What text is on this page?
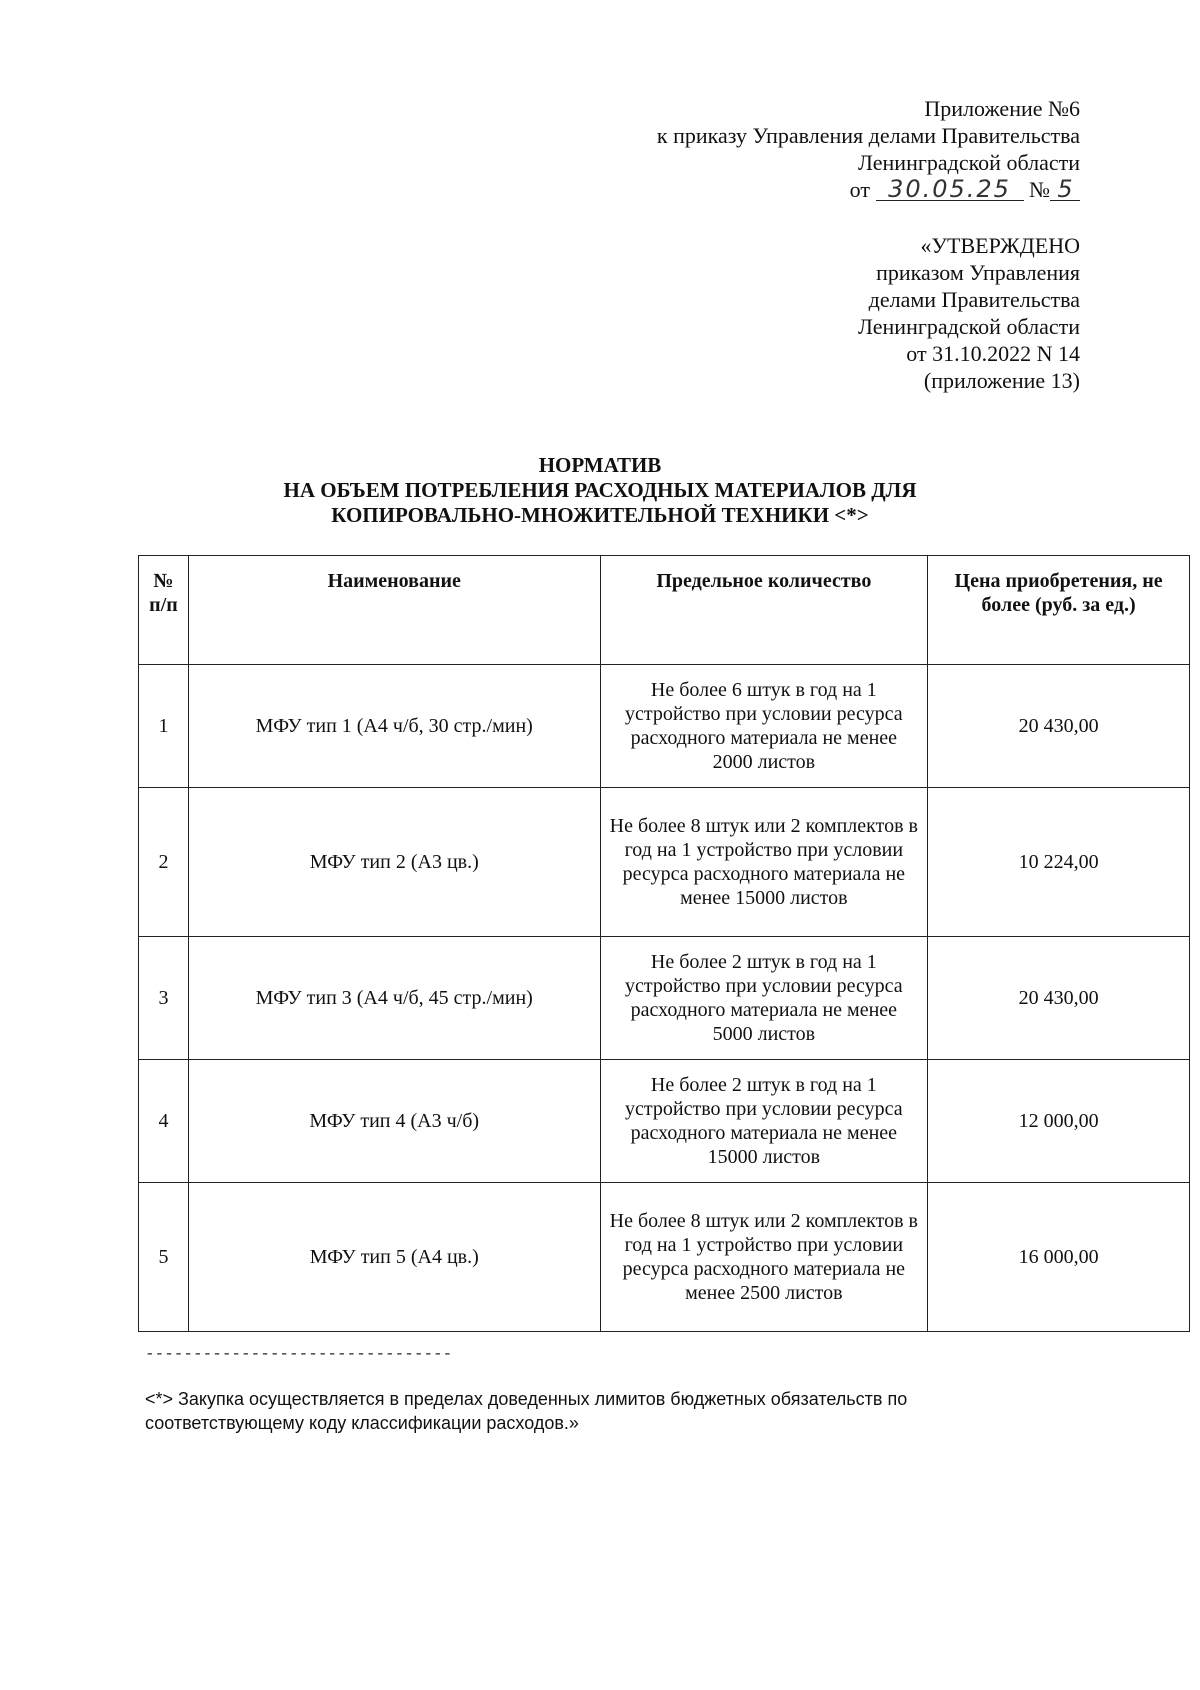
Приложение №6
к приказу Управления делами Правительства
Ленинградской области
от 30.05.25 № 5
«УТВЕРЖДЕНО
приказом Управления
делами Правительства
Ленинградской области
от 31.10.2022 N 14
(приложение 13)
НОРМАТИВ
НА ОБЪЕМ ПОТРЕБЛЕНИЯ РАСХОДНЫХ МАТЕРИАЛОВ ДЛЯ
КОПИРОВАЛЬНО-МНОЖИТЕЛЬНОЙ ТЕХНИКИ <*>
№ п/п	Наименование	Предельное количество	Цена приобретения, не более (руб. за ед.)
1	МФУ тип 1 (А4 ч/б, 30 стр./мин)	Не более 6 штук в год на 1 устройство при условии ресурса расходного материала не менее 2000 листов	20 430,00
2	МФУ тип 2 (А3 цв.)	Не более 8 штук или 2 комплектов в год на 1 устройство при условии ресурса расходного материала не менее 15000 листов	10 224,00
3	МФУ тип 3 (А4 ч/б, 45 стр./мин)	Не более 2 штук в год на 1 устройство при условии ресурса расходного материала не менее 5000 листов	20 430,00
4	МФУ тип 4 (А3 ч/б)	Не более 2 штук в год на 1 устройство при условии ресурса расходного материала не менее 15000 листов	12 000,00
5	МФУ тип 5 (А4 цв.)	Не более 8 штук или 2 комплектов в год на 1 устройство при условии ресурса расходного материала не менее 2500 листов	16 000,00
--------------------------------
<*> Закупка осуществляется в пределах доведенных лимитов бюджетных обязательств по соответствующему коду классификации расходов.»
